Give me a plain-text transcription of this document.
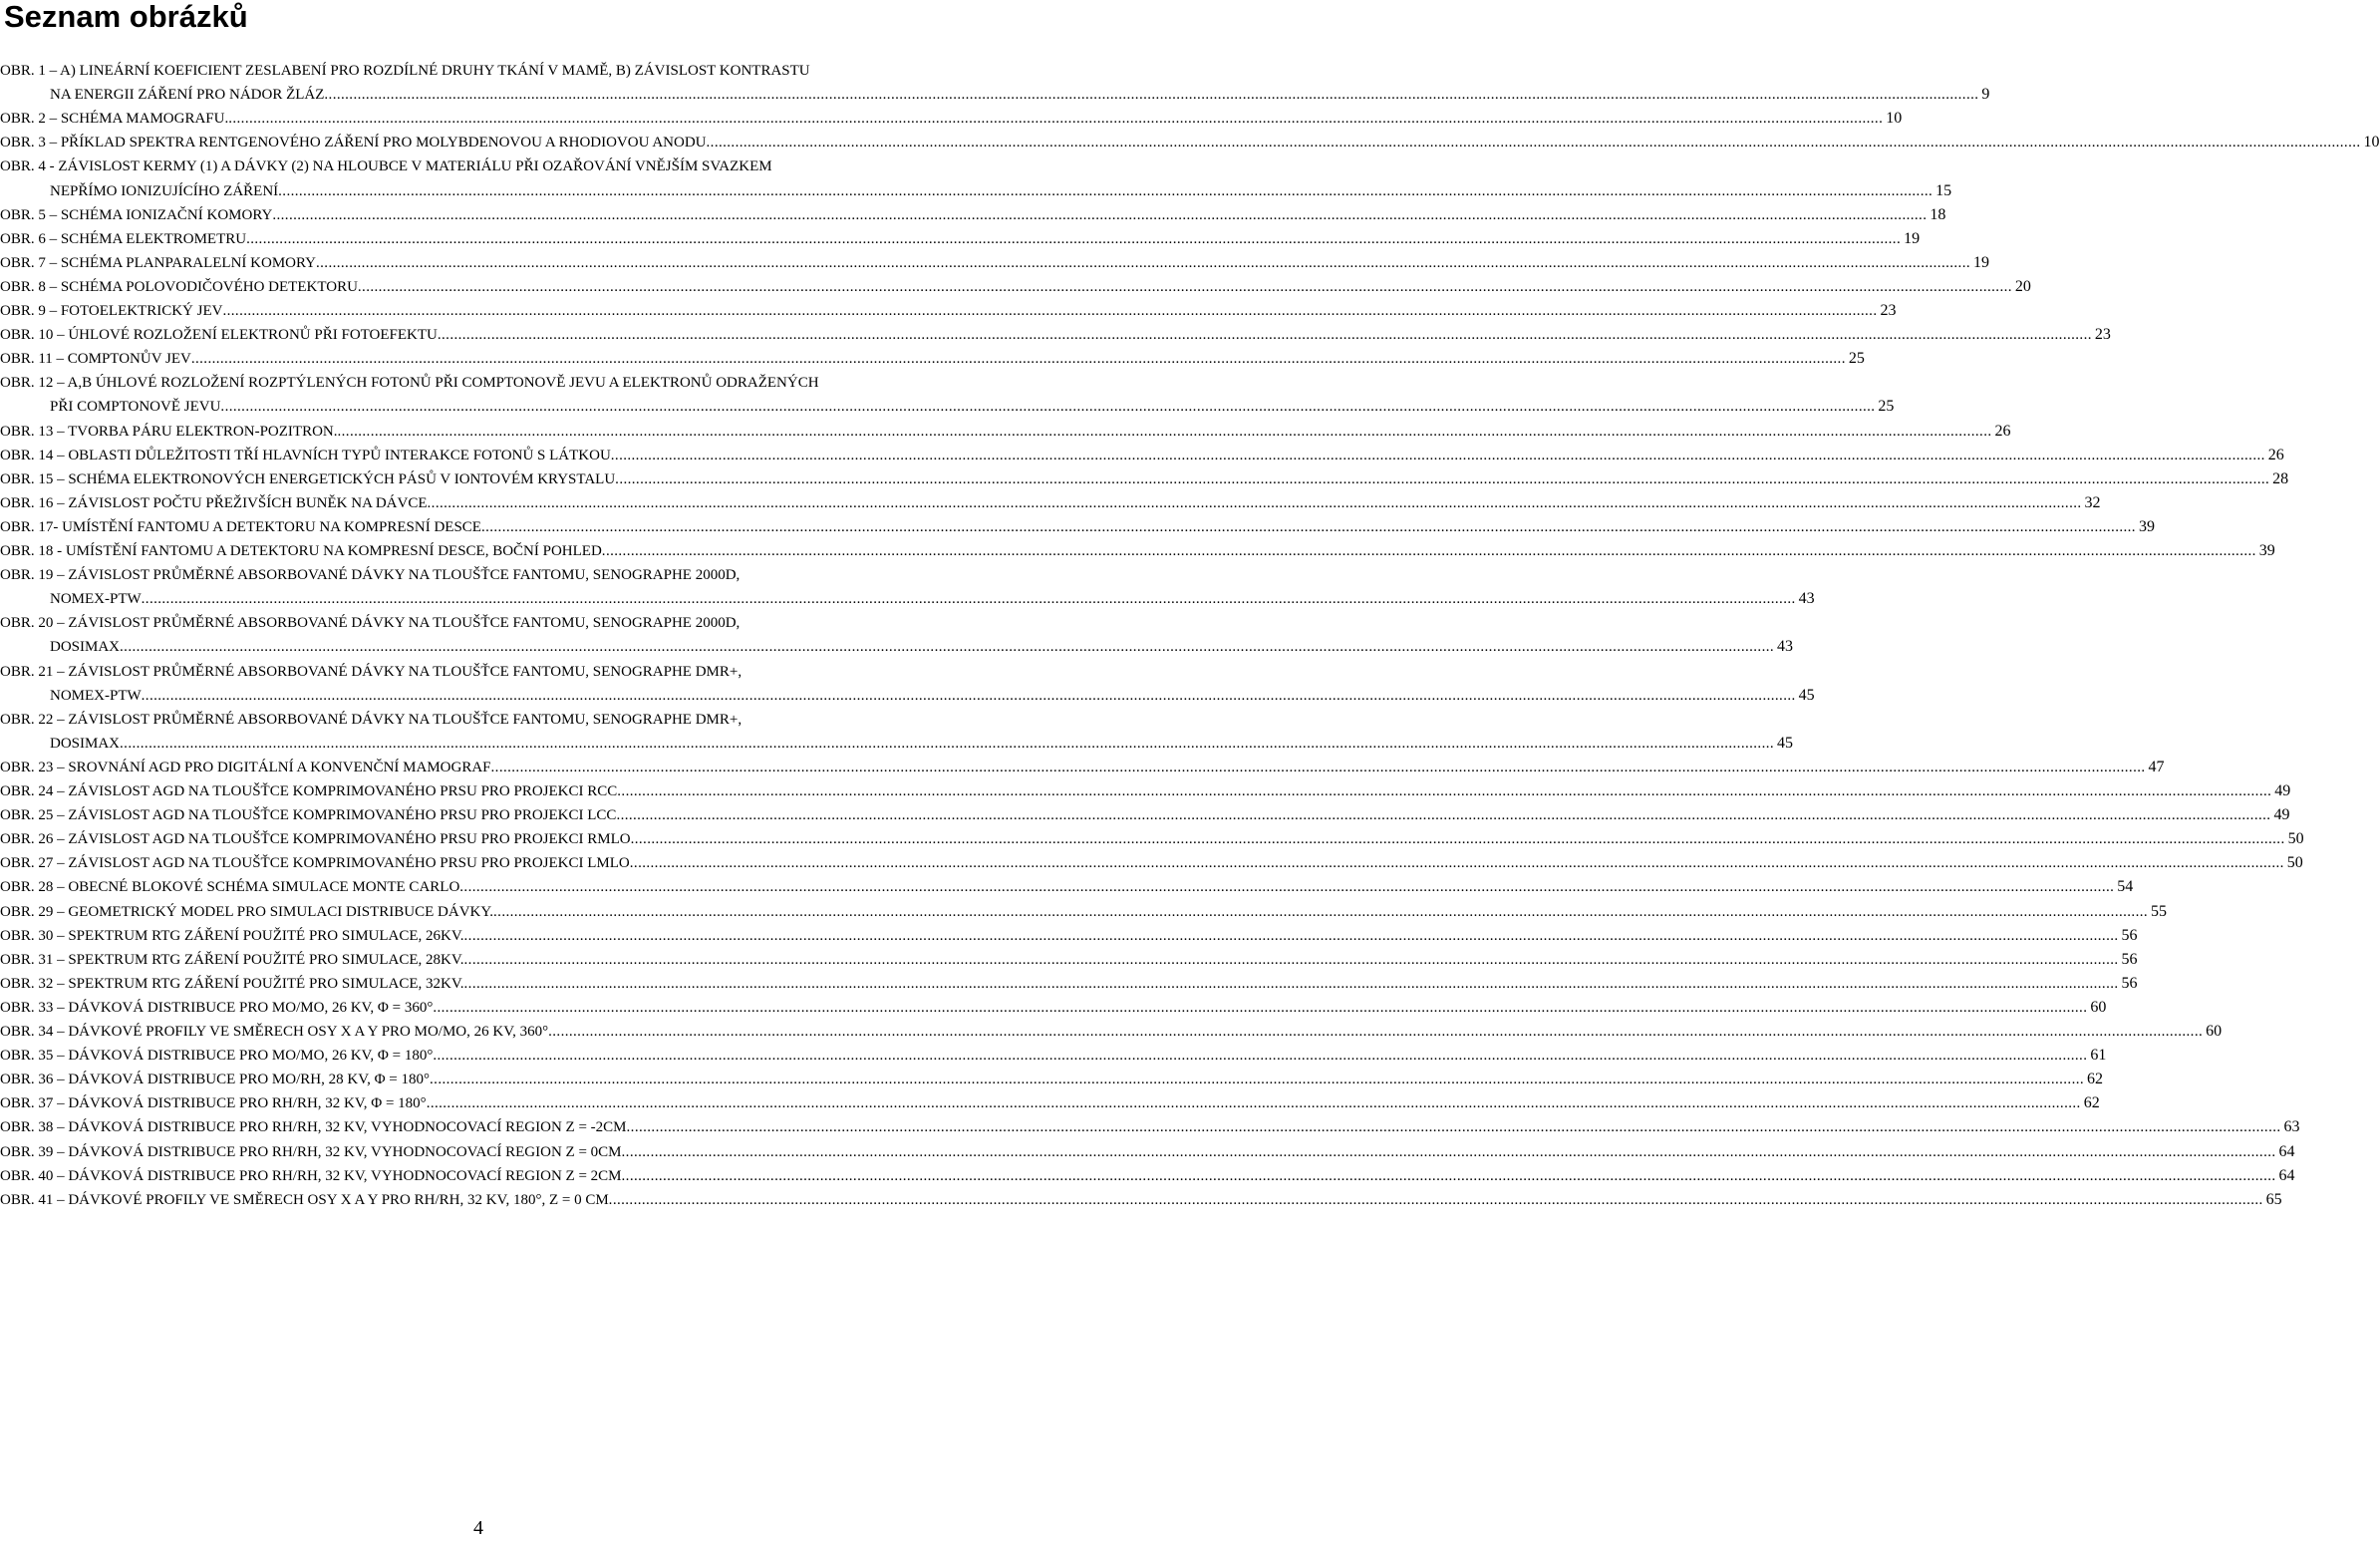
Seznam obrázků
OBR. 1 – A) LINEÁRNÍ KOEFICIENT ZESLABENÍ PRO ROZDÍLNÉ DRUHY TKÁNÍ V MAMĚ, B) ZÁVISLOST KONTRASTU
NA ENERGII ZÁŘENÍ PRO NÁDOR ŽLÁZ ................................................................................................................................................................................................................................................................................................................................................................................................................ 9
OBR. 2 – SCHÉMA MAMOGRAFU. ................................................................................................................................................................................................................................................................................................................................................................................................................ 10
OBR. 3 – PŘÍKLAD SPEKTRA RENTGENOVÉHO ZÁŘENÍ PRO MOLYBDENOVOU A RHODIOVOU ANODU ................................................................................................................................................................................................................................................................................................................................................................................................................ 10
OBR. 4 - ZÁVISLOST KERMY (1) A DÁVKY (2) NA HLOUBCE V MATERIÁLU PŘI OZAŘOVÁNÍ VNĚJŠÍM SVAZKEM
NEPŘÍMO IONIZUJÍCÍHO ZÁŘENÍ ................................................................................................................................................................................................................................................................................................................................................................................................................ 15
OBR. 5 – SCHÉMA IONIZAČNÍ KOMORY ................................................................................................................................................................................................................................................................................................................................................................................................................ 18
OBR. 6 – SCHÉMA ELEKTROMETRU ................................................................................................................................................................................................................................................................................................................................................................................................................ 19
OBR. 7 – SCHÉMA PLANPARALELNÍ KOMORY ................................................................................................................................................................................................................................................................................................................................................................................................................ 19
OBR. 8 – SCHÉMA POLOVODIČOVÉHO DETEKTORU ................................................................................................................................................................................................................................................................................................................................................................................................................ 20
OBR. 9 – FOTOELEKTRICKÝ JEV ................................................................................................................................................................................................................................................................................................................................................................................................................ 23
OBR. 10 – ÚHLOVÉ ROZLOŽENÍ ELEKTRONŮ PŘI FOTOEFEKTU ................................................................................................................................................................................................................................................................................................................................................................................................................ 23
OBR. 11 – COMPTONŮV JEV ................................................................................................................................................................................................................................................................................................................................................................................................................ 25
OBR. 12 – A,B ÚHLOVÉ ROZLOŽENÍ ROZPTÝLENÝCH FOTONŮ PŘI COMPTONOVĚ JEVU A ELEKTRONŮ ODRAŽENÝCH
PŘI COMPTONOVĚ JEVU ................................................................................................................................................................................................................................................................................................................................................................................................................ 25
OBR. 13 – TVORBA PÁRU ELEKTRON-POZITRON. ................................................................................................................................................................................................................................................................................................................................................................................................................ 26
OBR. 14 – OBLASTI DŮLEŽITOSTI TŘÍ HLAVNÍCH TYPŮ INTERAKCE FOTONŮ S LÁTKOU ................................................................................................................................................................................................................................................................................................................................................................................................................ 26
OBR. 15 – SCHÉMA ELEKTRONOVÝCH ENERGETICKÝCH PÁSŮ V IONTOVÉM KRYSTALU ................................................................................................................................................................................................................................................................................................................................................................................................................ 28
OBR. 16 – ZÁVISLOST POČTU PŘEŽIVŠÍCH BUNĚK NA DÁVCE ................................................................................................................................................................................................................................................................................................................................................................................................................ 32
OBR. 17- UMÍSTĚNÍ FANTOMU A DETEKTORU NA KOMPRESNÍ DESCE ................................................................................................................................................................................................................................................................................................................................................................................................................ 39
OBR. 18 - UMÍSTĚNÍ FANTOMU A DETEKTORU NA KOMPRESNÍ DESCE, BOČNÍ POHLED ................................................................................................................................................................................................................................................................................................................................................................................................................ 39
OBR. 19 – ZÁVISLOST PRŮMĚRNÉ ABSORBOVANÉ DÁVKY NA TLOUŠŤCE FANTOMU, SENOGRAPHE 2000D,
NOMEX-PTW ................................................................................................................................................................................................................................................................................................................................................................................................................ 43
OBR. 20 – ZÁVISLOST PRŮMĚRNÉ ABSORBOVANÉ DÁVKY NA TLOUŠŤCE FANTOMU, SENOGRAPHE 2000D,
DOSIMAX ................................................................................................................................................................................................................................................................................................................................................................................................................ 43
OBR. 21 – ZÁVISLOST PRŮMĚRNÉ ABSORBOVANÉ DÁVKY NA TLOUŠŤCE FANTOMU, SENOGRAPHE DMR+,
NOMEX-PTW ................................................................................................................................................................................................................................................................................................................................................................................................................ 45
OBR. 22 – ZÁVISLOST PRŮMĚRNÉ ABSORBOVANÉ DÁVKY NA TLOUŠŤCE FANTOMU, SENOGRAPHE DMR+,
DOSIMAX ................................................................................................................................................................................................................................................................................................................................................................................................................ 45
OBR. 23 – SROVNÁNÍ AGD PRO DIGITÁLNÍ A KONVENČNÍ MAMOGRAF ................................................................................................................................................................................................................................................................................................................................................................................................................ 47
OBR. 24 – ZÁVISLOST AGD NA TLOUŠŤCE KOMPRIMOVANÉHO PRSU PRO PROJEKCI RCC ................................................................................................................................................................................................................................................................................................................................................................................................................ 49
OBR. 25 – ZÁVISLOST AGD NA TLOUŠŤCE KOMPRIMOVANÉHO PRSU PRO PROJEKCI LCC ................................................................................................................................................................................................................................................................................................................................................................................................................ 49
OBR. 26 – ZÁVISLOST AGD NA TLOUŠŤCE KOMPRIMOVANÉHO PRSU PRO PROJEKCI RMLO ................................................................................................................................................................................................................................................................................................................................................................................................................ 50
OBR. 27 – ZÁVISLOST AGD NA TLOUŠŤCE KOMPRIMOVANÉHO PRSU PRO PROJEKCI LMLO ................................................................................................................................................................................................................................................................................................................................................................................................................ 50
OBR. 28 – OBECNÉ BLOKOVÉ SCHÉMA SIMULACE MONTE CARLO ................................................................................................................................................................................................................................................................................................................................................................................................................ 54
OBR. 29 – GEOMETRICKÝ MODEL PRO SIMULACI DISTRIBUCE DÁVKY. ................................................................................................................................................................................................................................................................................................................................................................................................................ 55
OBR. 30 – SPEKTRUM RTG ZÁŘENÍ POUŽITÉ PRO SIMULACE, 26KV. ................................................................................................................................................................................................................................................................................................................................................................................................................ 56
OBR. 31 – SPEKTRUM RTG ZÁŘENÍ POUŽITÉ PRO SIMULACE, 28KV. ................................................................................................................................................................................................................................................................................................................................................................................................................ 56
OBR. 32 – SPEKTRUM RTG ZÁŘENÍ POUŽITÉ PRO SIMULACE, 32KV. ................................................................................................................................................................................................................................................................................................................................................................................................................ 56
OBR. 33 – DÁVKOVÁ DISTRIBUCE PRO MO/MO, 26 KV, Φ = 360° ................................................................................................................................................................................................................................................................................................................................................................................................................ 60
OBR. 34 – DÁVKOVÉ PROFILY VE SMĚRECH OSY X A Y PRO MO/MO, 26 KV, 360° ................................................................................................................................................................................................................................................................................................................................................................................................................ 60
OBR. 35 – DÁVKOVÁ DISTRIBUCE PRO MO/MO, 26 KV, Φ = 180° ................................................................................................................................................................................................................................................................................................................................................................................................................ 61
OBR. 36 – DÁVKOVÁ DISTRIBUCE PRO MO/RH, 28 KV, Φ = 180° ................................................................................................................................................................................................................................................................................................................................................................................................................ 62
OBR. 37 – DÁVKOVÁ DISTRIBUCE PRO RH/RH, 32 KV, Φ = 180° ................................................................................................................................................................................................................................................................................................................................................................................................................ 62
OBR. 38 – DÁVKOVÁ DISTRIBUCE PRO RH/RH, 32 KV, VYHODNOCOVACÍ REGION Z = -2CM ................................................................................................................................................................................................................................................................................................................................................................................................................ 63
OBR. 39 – DÁVKOVÁ DISTRIBUCE PRO RH/RH, 32 KV, VYHODNOCOVACÍ REGION Z = 0CM ................................................................................................................................................................................................................................................................................................................................................................................................................ 64
OBR. 40 – DÁVKOVÁ DISTRIBUCE PRO RH/RH, 32 KV, VYHODNOCOVACÍ REGION Z = 2CM ................................................................................................................................................................................................................................................................................................................................................................................................................ 64
OBR. 41 – DÁVKOVÉ PROFILY VE SMĚRECH OSY X A Y PRO RH/RH, 32 KV, 180°, Z = 0 CM ................................................................................................................................................................................................................................................................................................................................................................................................................ 65
4
